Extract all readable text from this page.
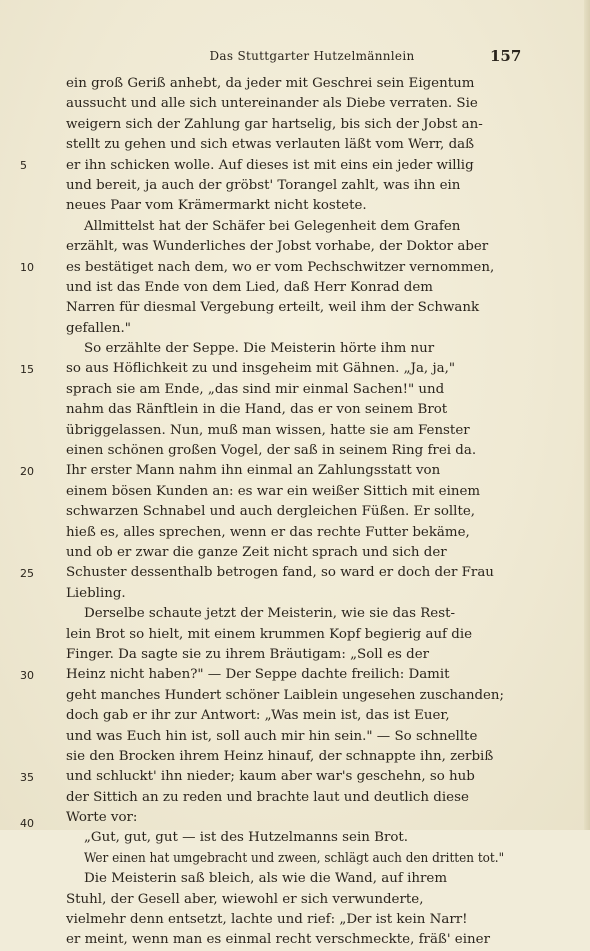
Das Stuttgarter Hutzelmännlein	157
5
10
15
20
25
30
35
40
ein groß Geriß anhebt, da jeder mit Geschrei sein Eigentum
aussucht und alle sich untereinander als Diebe verraten. Sie
weigern sich der Zahlung gar hartselig, bis sich der Jobst an-
stellt zu gehen und sich etwas verlauten läßt vom Werr, daß
er ihn schicken wolle. Auf dieses ist mit eins ein jeder willig
und bereit, ja auch der gröbst' Torangel zahlt, was ihn ein
neues Paar vom Krämermarkt nicht kostete.
Allmittelst hat der Schäfer bei Gelegenheit dem Grafen
erzählt, was Wunderliches der Jobst vorhabe, der Doktor aber
es bestätiget nach dem, wo er vom Pechschwitzer vernommen,
und ist das Ende von dem Lied, daß Herr Konrad dem
Narren für diesmal Vergebung erteilt, weil ihm der Schwank
gefallen."
So erzählte der Seppe. Die Meisterin hörte ihm nur
so aus Höflichkeit zu und insgeheim mit Gähnen. „Ja, ja,"
sprach sie am Ende, „das sind mir einmal Sachen!" und
nahm das Ränftlein in die Hand, das er von seinem Brot
übriggelassen. Nun, muß man wissen, hatte sie am Fenster
einen schönen großen Vogel, der saß in seinem Ring frei da.
Ihr erster Mann nahm ihn einmal an Zahlungsstatt von
einem bösen Kunden an: es war ein weißer Sittich mit einem
schwarzen Schnabel und auch dergleichen Füßen. Er sollte,
hieß es, alles sprechen, wenn er das rechte Futter bekäme,
und ob er zwar die ganze Zeit nicht sprach und sich der
Schuster dessenthalb betrogen fand, so ward er doch der Frau
Liebling.
Derselbe schaute jetzt der Meisterin, wie sie das Rest-
lein Brot so hielt, mit einem krummen Kopf begierig auf die
Finger. Da sagte sie zu ihrem Bräutigam: „Soll es der
Heinz nicht haben?" — Der Seppe dachte freilich: Damit
geht manches Hundert schöner Laiblein ungesehen zuschanden;
doch gab er ihr zur Antwort: „Was mein ist, das ist Euer,
und was Euch hin ist, soll auch mir hin sein." — So schnellte
sie den Brocken ihrem Heinz hinauf, der schnappte ihn, zerbiß
und schluckt' ihn nieder; kaum aber war's geschehn, so hub
der Sittich an zu reden und brachte laut und deutlich diese
Worte vor:
„Gut, gut, gut — ist des Hutzelmanns sein Brot.
Wer einen hat umgebracht und zween, schlägt auch den dritten tot."
Die Meisterin saß bleich, als wie die Wand, auf ihrem
Stuhl, der Gesell aber, wiewohl er sich verwunderte,
vielmehr denn entsetzt, lachte und rief: „Der ist kein Narr!
er meint, wenn man es einmal recht verschmeckte, fräß' einer
